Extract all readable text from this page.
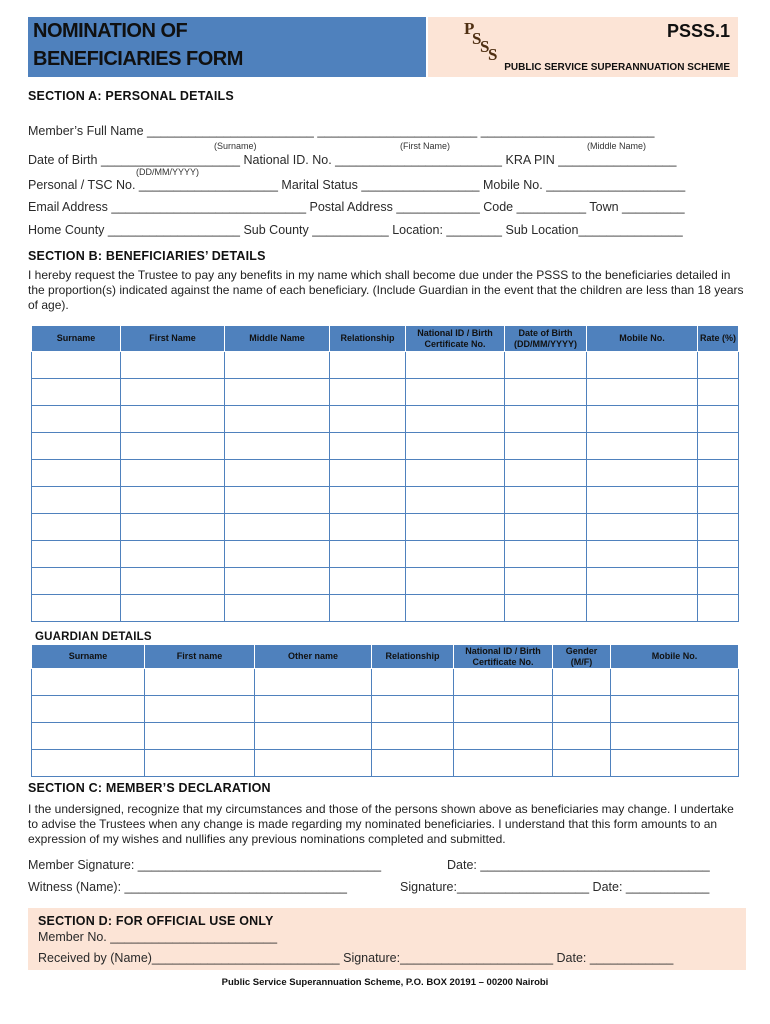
NOMINATION OF
BENEFICIARIES FORM
P
S
S
S
PSSS.1
PUBLIC SERVICE SUPERANNUATION SCHEME
SECTION A: PERSONAL DETAILS
Member’s Full Name ________________________ _______________________ _________________________
(Surname)	(First Name)	(Middle Name)
Date of Birth ____________________ National ID. No. ________________________ KRA PIN _________________
(DD/MM/YYYY)
Personal / TSC No. ____________________ Marital Status _________________ Mobile No. ____________________
Email Address ____________________________ Postal Address ____________ Code __________ Town _________
Home County ___________________ Sub County ___________ Location: ________ Sub Location_______________
SECTION B: BENEFICIARIES’ DETAILS
I hereby request the Trustee to pay any benefits in my name which shall become due under the PSSS to the beneficiaries detailed in the proportion(s) indicated against the name of each beneficiary. (Include Guardian in the event that the children are less than 18 years of age).
Surname	First Name	Middle Name	Relationship	National ID / Birth Certificate No.	Date of Birth (DD/MM/YYYY)	Mobile No.	Rate (%)

GUARDIAN DETAILS
Surname	First name	Other name	Relationship	National ID / Birth Certificate No.	Gender (M/F)	Mobile No.

SECTION C: MEMBER’S DECLARATION
I the undersigned, recognize that my circumstances and those of the persons shown above as beneficiaries may change. I undertake to advise the Trustees when any change is made regarding my nominated beneficiaries. I understand that this form amounts to an expression of my wishes and nullifies any previous nominations completed and submitted.
Member Signature: ___________________________________	Date: _________________________________
Witness (Name): ________________________________	Signature:___________________ Date: ____________
SECTION D: FOR OFFICIAL USE ONLY
Member No. ________________________
Received by (Name)___________________________ Signature:______________________ Date: ____________
Public Service Superannuation Scheme, P.O. BOX 20191 – 00200 Nairobi
